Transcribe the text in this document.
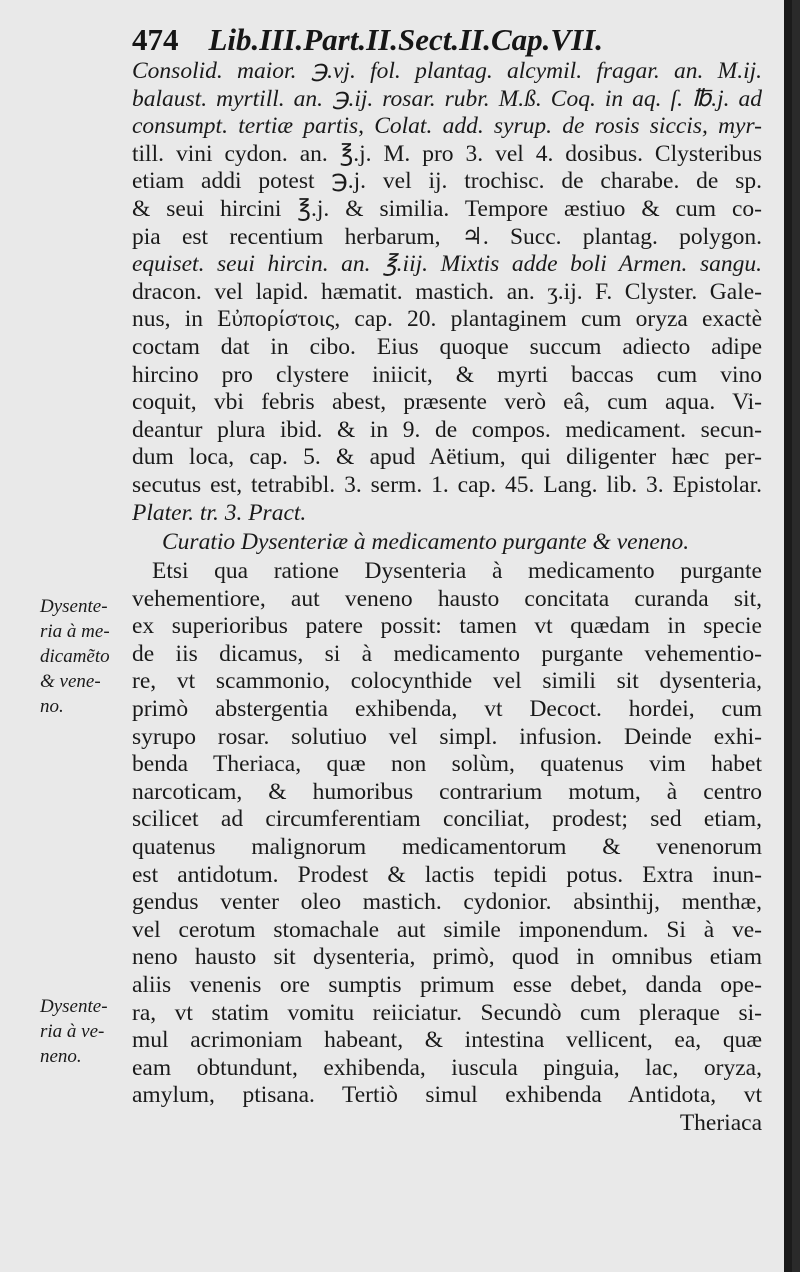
474 Lib.III.Part.II.Sect.II.Cap.VII.
Dysente-
ria à me-
dicamẽto
& vene-
no.
Dysente-
ria à ve-
neno.
Consolid. maior. ℈.vj. fol. plantag. alcymil. fragar. an. M.ij.
balaust. myrtill. an. ℈.ij. rosar. rubr. M.ß. Coq. in aq. ſ. ℔.j. ad
consumpt. tertiæ partis, Colat. add. syrup. de rosis siccis, myr-
till. vini cydon. an. ℥.j. M. pro 3. vel 4. dosibus. Clysteribus
etiam addi potest ℈.j. vel ij. trochisc. de charabe. de sp.
& seui hircini ℥.j. & similia. Tempore æstiuo & cum co-
pia est recentium herbarum, ♃. Succ. plantag. polygon.
equiset. seui hircin. an. ℥.iij. Mixtis adde boli Armen. sangu.
dracon. vel lapid. hæmatit. mastich. an. ʒ.ij. F. Clyster. Gale-
nus, in Εὐπορίστοις, cap. 20. plantaginem cum oryza exactè
coctam dat in cibo. Eius quoque succum adiecto adipe
hircino pro clystere iniicit, & myrti baccas cum vino
coquit, vbi febris abest, præsente verò eâ, cum aqua. Vi-
deantur plura ibid. & in 9. de compos. medicament. secun-
dum loca, cap. 5. & apud Aëtium, qui diligenter hæc per-
secutus est, tetrabibl. 3. serm. 1. cap. 45. Lang. lib. 3. Epistolar.
Plater. tr. 3. Pract.
Curatio Dysenteriæ à medicamento purgante & veneno.
Etsi qua ratione Dysenteria à medicamento purgante
vehementiore, aut veneno hausto concitata curanda sit,
ex superioribus patere possit: tamen vt quædam in specie
de iis dicamus, si à medicamento purgante vehementio-
re, vt scammonio, colocynthide vel simili sit dysenteria,
primò abstergentia exhibenda, vt Decoct. hordei, cum
syrupo rosar. solutiuo vel simpl. infusion. Deinde exhi-
benda Theriaca, quæ non solùm, quatenus vim habet
narcoticam, & humoribus contrarium motum, à centro
scilicet ad circumferentiam conciliat, prodest; sed etiam,
quatenus malignorum medicamentorum & venenorum
est antidotum. Prodest & lactis tepidi potus. Extra inun-
gendus venter oleo mastich. cydonior. absinthij, menthæ,
vel cerotum stomachale aut simile imponendum. Si à ve-
neno hausto sit dysenteria, primò, quod in omnibus etiam
aliis venenis ore sumptis primum esse debet, danda ope-
ra, vt statim vomitu reiiciatur. Secundò cum pleraque si-
mul acrimoniam habeant, & intestina vellicent, ea, quæ
eam obtundunt, exhibenda, iuscula pinguia, lac, oryza,
amylum, ptisana. Tertiò simul exhibenda Antidota, vt
Theriaca
